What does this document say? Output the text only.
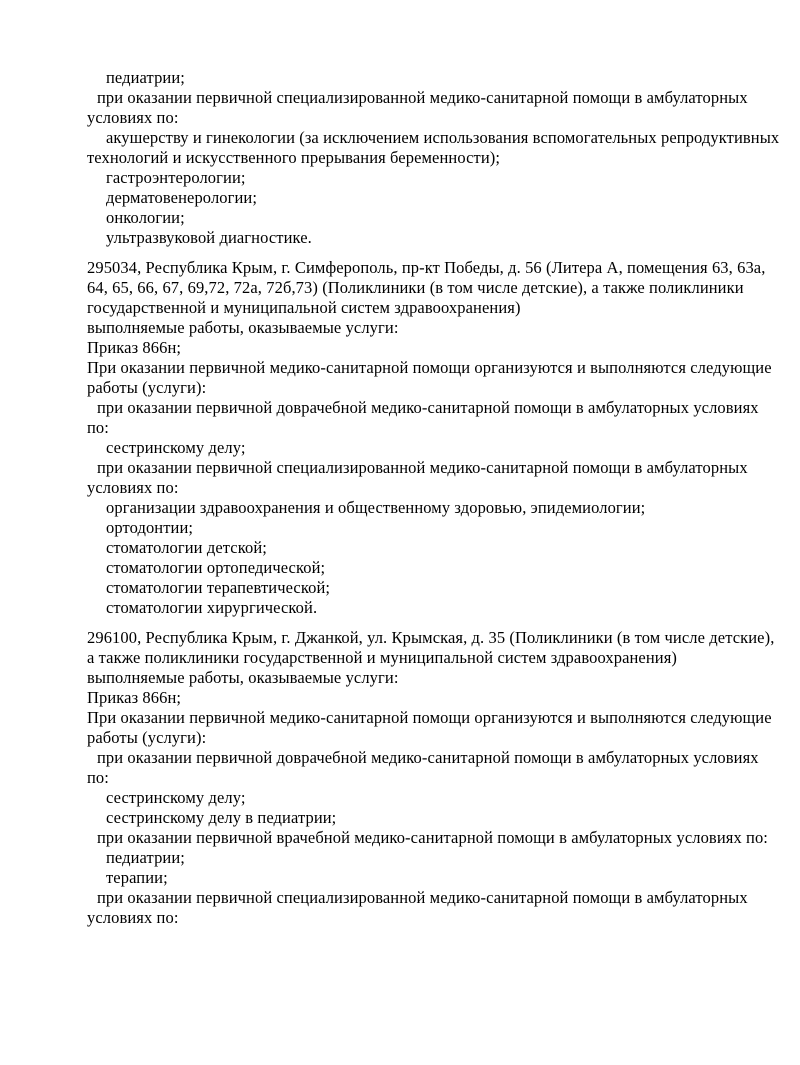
педиатрии;
при оказании первичной специализированной медико-санитарной помощи в амбулаторных
условиях по:
акушерству и гинекологии (за исключением использования вспомогательных репродуктивных
технологий и искусственного прерывания беременности);
гастроэнтерологии;
дерматовенерологии;
онкологии;
ультразвуковой диагностике.
295034, Республика Крым, г. Симферополь, пр-кт Победы, д. 56 (Литера А, помещения 63, 63а,
64, 65, 66, 67, 69,72, 72а, 72б,73) (Поликлиники (в том числе детские), а также поликлиники
государственной и муниципальной систем здравоохранения)
выполняемые работы, оказываемые услуги:
Приказ 866н;
При оказании первичной медико-санитарной помощи организуются и выполняются следующие
работы (услуги):
при оказании первичной доврачебной медико-санитарной помощи в амбулаторных условиях
по:
сестринскому делу;
при оказании первичной специализированной медико-санитарной помощи в амбулаторных
условиях по:
организации здравоохранения и общественному здоровью, эпидемиологии;
ортодонтии;
стоматологии детской;
стоматологии ортопедической;
стоматологии терапевтической;
стоматологии хирургической.
296100, Республика Крым, г. Джанкой, ул. Крымская, д. 35 (Поликлиники (в том числе детские),
а также поликлиники государственной и муниципальной систем здравоохранения)
выполняемые работы, оказываемые услуги:
Приказ 866н;
При оказании первичной медико-санитарной помощи организуются и выполняются следующие
работы (услуги):
при оказании первичной доврачебной медико-санитарной помощи в амбулаторных условиях
по:
сестринскому делу;
сестринскому делу в педиатрии;
при оказании первичной врачебной медико-санитарной помощи в амбулаторных условиях по:
педиатрии;
терапии;
при оказании первичной специализированной медико-санитарной помощи в амбулаторных
условиях по:
